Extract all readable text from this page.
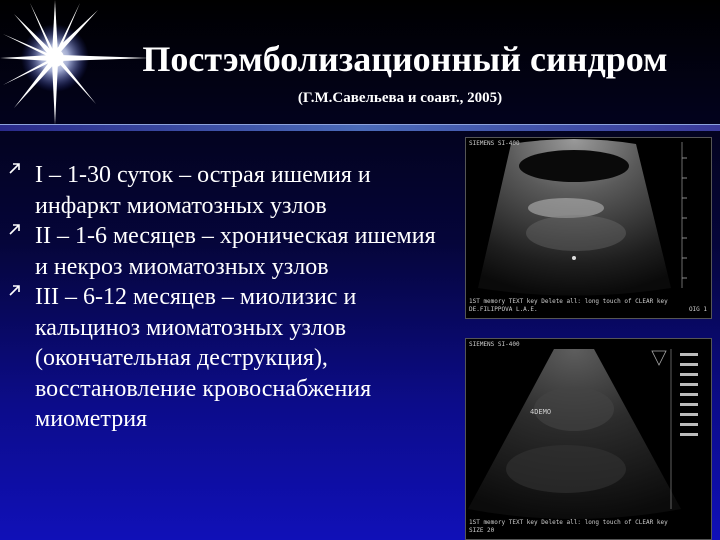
Постэмболизационный синдром
(Г.М.Савельева и соавт., 2005)
I – 1-30 суток – острая ишемия и инфаркт миоматозных узлов
II – 1-6 месяцев – хроническая ишемия и некроз миоматозных узлов
III – 6-12 месяцев – миолизис и кальциноз миоматозных узлов (окончательная деструкция), восстановление кровоснабжения миометрия
SIEMENS SI-400
1ST memory TEXT key Delete all: long touch of CLEAR key
DE.FILIPPOVA L.A.E.	OIG 1
SIEMENS SI-400
4DEMO
1ST memory TEXT key Delete all: long touch of CLEAR key
SIZE 20
